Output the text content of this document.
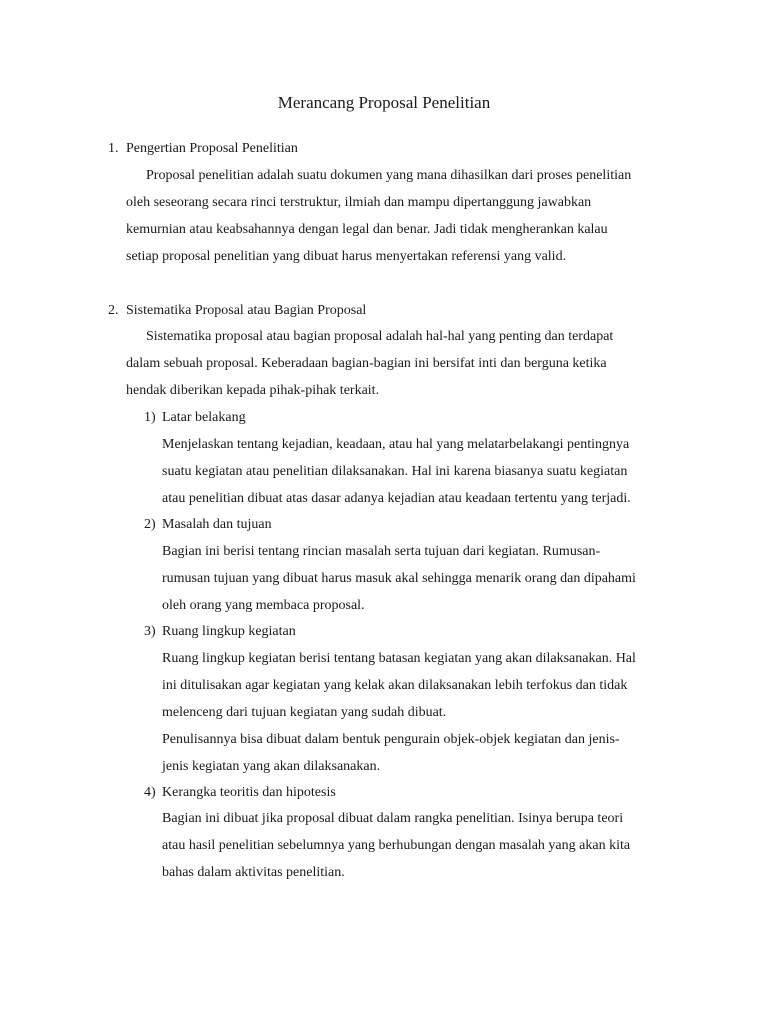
Merancang Proposal Penelitian
1. Pengertian Proposal Penelitian
Proposal penelitian adalah suatu dokumen yang mana dihasilkan dari proses penelitian
oleh seseorang secara rinci terstruktur, ilmiah dan mampu dipertanggung jawabkan
kemurnian atau keabsahannya dengan legal dan benar. Jadi tidak mengherankan kalau
setiap proposal penelitian yang dibuat harus menyertakan referensi yang valid.
2. Sistematika Proposal atau Bagian Proposal
Sistematika proposal atau bagian proposal adalah hal-hal yang penting dan terdapat
dalam sebuah proposal. Keberadaan bagian-bagian ini bersifat inti dan berguna ketika
hendak diberikan kepada pihak-pihak terkait.
1) Latar belakang
Menjelaskan tentang kejadian, keadaan, atau hal yang melatarbelakangi pentingnya
suatu kegiatan atau penelitian dilaksanakan. Hal ini karena biasanya suatu kegiatan
atau penelitian dibuat atas dasar adanya kejadian atau keadaan tertentu yang terjadi.
2) Masalah dan tujuan
Bagian ini berisi tentang rincian masalah serta tujuan dari kegiatan. Rumusan-
rumusan tujuan yang dibuat harus masuk akal sehingga menarik orang dan dipahami
oleh orang yang membaca proposal.
3) Ruang lingkup kegiatan
Ruang lingkup kegiatan berisi tentang batasan kegiatan yang akan dilaksanakan. Hal
ini ditulisakan agar kegiatan yang kelak akan dilaksanakan lebih terfokus dan tidak
melenceng dari tujuan kegiatan yang sudah dibuat.
Penulisannya bisa dibuat dalam bentuk pengurain objek-objek kegiatan dan jenis-
jenis kegiatan yang akan dilaksanakan.
4) Kerangka teoritis dan hipotesis
Bagian ini dibuat jika proposal dibuat dalam rangka penelitian. Isinya berupa teori
atau hasil penelitian sebelumnya yang berhubungan dengan masalah yang akan kita
bahas dalam aktivitas penelitian.
